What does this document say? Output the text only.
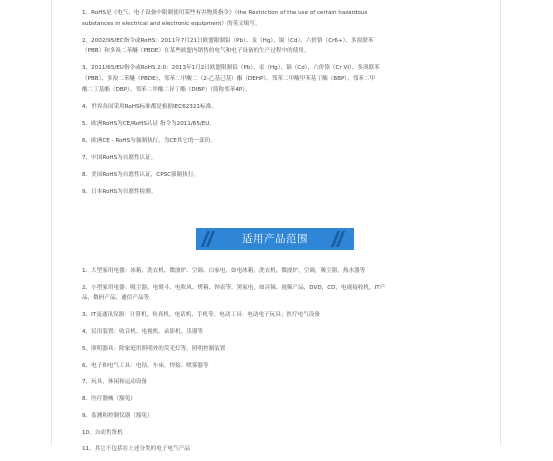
1、RoHS是《电气、电子设备中限制使用某些有害物质指令》（the Restriction of the use of certain hazardous
substances in electrical and electronic equipment）的英文缩写。
2、2002/95/EC指令或RoHS：2011年7月21日欧盟限制铅（Pb）、汞（Hg）、镉（Cd）、六价铬（Cr6+）、多溴联苯
（PBB）和多溴二苯醚（PBDE）在某些欧盟内销售的电气和电子设备的生产过程中的使用。
3、2011/65/EU指令或RoHS 2.0：2013年1月2日欧盟限制铅（Pb）、汞（Hg）、镉（Cd）、六价铬（Cr VI）、多溴联苯
（PBB）、多溴二苯醚（PBDE）、邻苯二甲酸二（2-乙基己基）酯（DEHP）、邻苯二甲酸甲苯基丁酯（BBP）、邻苯二甲
酸二丁基酯（DBP）、邻苯二甲酸二异丁酯（DIBP）（简称邻苯4P）。
4、世界各国采用RoHS标准都是根据IEC62321标准。
5、欧洲RoHS为CE/RoHS认证 指令为2011/65/EU。
6、欧洲CE - RoHS为强制执行，为CE其它的一部份。
7、中国RoHS为自愿性认证。
8、美国RoHS为自愿性认证，CPSC强制执行。
9、日本RoHS为自愿性检测。
适用产品范围
1、大型家用电器：冰箱、洗衣机、微波炉、空调、白家电，如电冰箱，洗衣机，微波炉，空调，吸尘器，热水器等
2、小型家用电器：吸尘器、电熨斗、电吹风、烤箱、钟表等、黑家电，如音频、视频产品，DVD，CD，电视接收机，IT产
品，数码产品，通信产品等
3、IT及通讯仪器：计算机、传真机、电话机、手机等、电动工具：电动电子玩具；医疗电气设备
4、民用装置：收音机、电视机、录影机、乐器等
5、照明器具：除家庭用照明外的荧光灯等，照明控制装置
6、电子和电气工具：电钻、车床、焊接、喷雾器等
7、玩具，休闲和运动设备
8、医疗器械（豁免）
9、监测和控制仪器（豁免）
10、自动售货机
11、其它不包括在上述分类的电子电气产品
